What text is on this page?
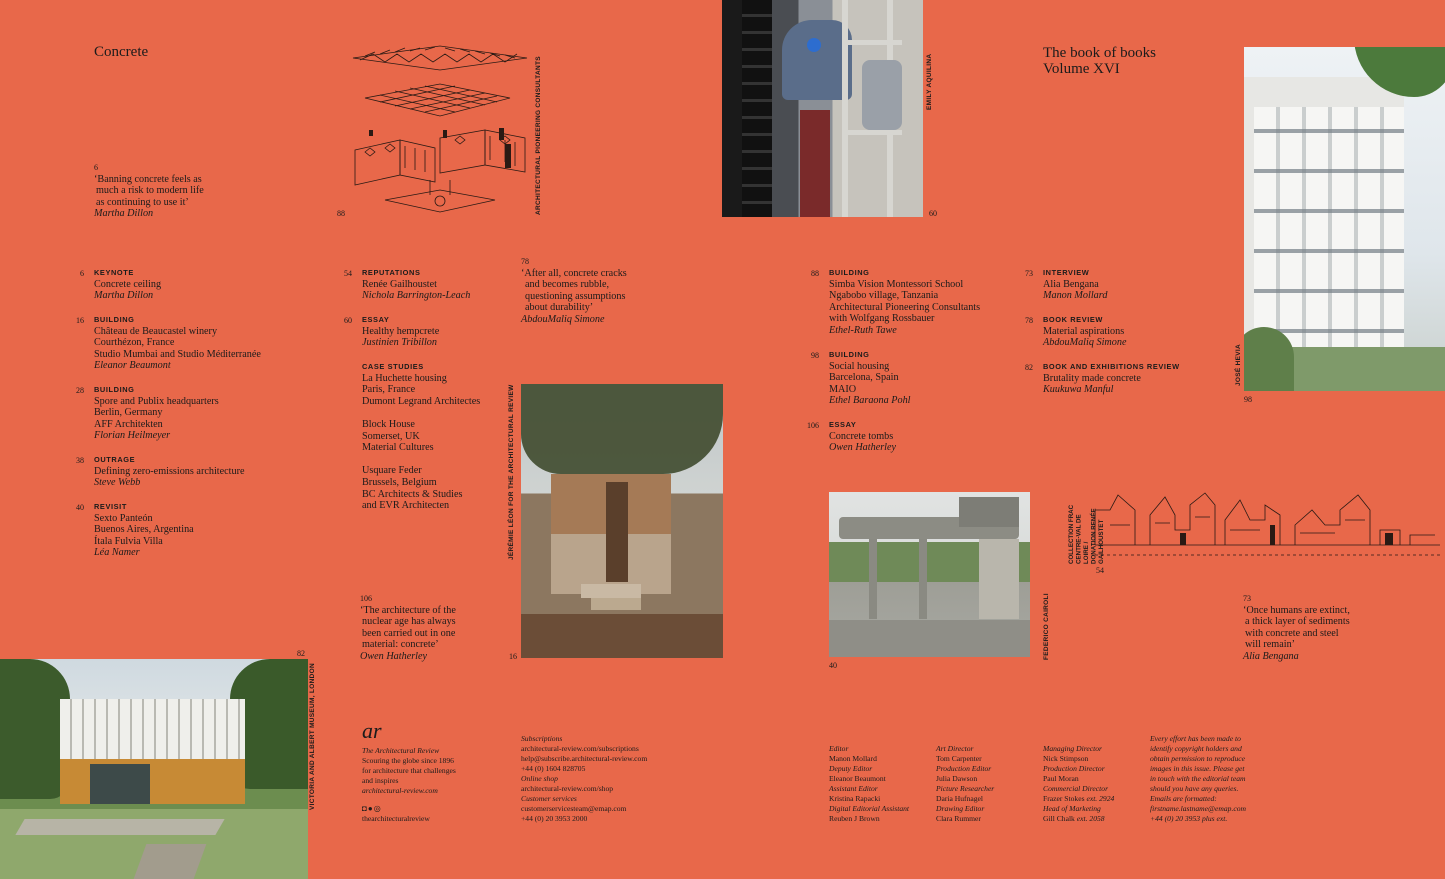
Concrete	The book of books
Volume XVI
6
‘Banning concrete feels as
much a risk to modern life
as continuing to use it’
Martha Dillon	ARCHITECTURAL PIONEERING CONSULTANTS
88
EMILY AQUILINA
60
JOSÉ HEVIA
98
JÉRÉMIE LÉON FOR THE ARCHITECTURAL REVIEW
16	FEDERICO CAIROLI
40
COLLECTION FRAC CENTRE-VAL DE LOIRE / DONATION RENÉE GAILHOUSTET
54
VICTORIA AND ALBERT MUSEUM, LONDON
82
6 KEYNOTE
Concrete ceiling
Martha Dillon
16 BUILDING
Château de Beaucastel winery
Courthézon, France
Studio Mumbai and Studio Méditerranée
Eleanor Beaumont
28 BUILDING
Spore and Publix headquarters
Berlin, Germany
AFF Architekten
Florian Heilmeyer
38 OUTRAGE
Defining zero-emissions architecture
Steve Webb
40 REVISIT
Sexto Panteón
Buenos Aires, Argentina
Ítala Fulvia Villa
Léa Namer
54 REPUTATIONS
Renée Gailhoustet
Nichola Barrington-Leach
60 ESSAY
Healthy hempcrete
Justinien Tribillon
CASE STUDIES
La Huchette housing
Paris, France
Dumont Legrand Architectes
Block House
Somerset, UK
Material Cultures
Usquare Feder
Brussels, Belgium
BC Architects & Studies
and EVR Architecten
78
‘After all, concrete cracks
and becomes rubble,
questioning assumptions
about durability’
AbdouMaliq Simone
106
‘The architecture of the
nuclear age has always
been carried out in one
material: concrete’
Owen Hatherley
88 BUILDING
Simba Vision Montessori School
Ngabobo village, Tanzania
Architectural Pioneering Consultants
with Wolfgang Rossbauer
Ethel-Ruth Tawe
98 BUILDING
Social housing
Barcelona, Spain
MAIO
Ethel Baraona Pohl
106 ESSAY
Concrete tombs
Owen Hatherley
73 INTERVIEW
Alia Bengana
Manon Mollard
78 BOOK REVIEW
Material aspirations
AbdouMaliq Simone
82 BOOK AND EXHIBITIONS REVIEW
Brutality made concrete
Kuukuwa Manful
73
‘Once humans are extinct,
a thick layer of sediments
with concrete and steel
will remain’
Alia Bengana
ar
The Architectural Review
Scouring the globe since 1896
for architecture that challenges
and inspires
architectural-review.com
◘●◎
thearchitecturalreview
Subscriptions
architectural-review.com/subscriptions
help@subscribe.architectural-review.com
+44 (0) 1604 828705
Online shop
architectural-review.com/shop
Customer services
customerservicesteam@emap.com
+44 (0) 20 3953 2000
Editor
Manon Mollard
Deputy Editor
Eleanor Beaumont
Assistant Editor
Kristina Rapacki
Digital Editorial Assistant
Reuben J Brown
Art Director
Tom Carpenter
Production Editor
Julia Dawson
Picture Researcher
Daria Hufnagel
Drawing Editor
Clara Rummer
Managing Director
Nick Stimpson
Production Director
Paul Moran
Commercial Director
Frazer Stokes ext. 2924
Head of Marketing
Gill Chalk ext. 2058
Every effort has been made to
identify copyright holders and
obtain permission to reproduce
images in this issue. Please get
in touch with the editorial team
should you have any queries.
Emails are formatted:
firstname.lastname@emap.com
+44 (0) 20 3953 plus ext.
